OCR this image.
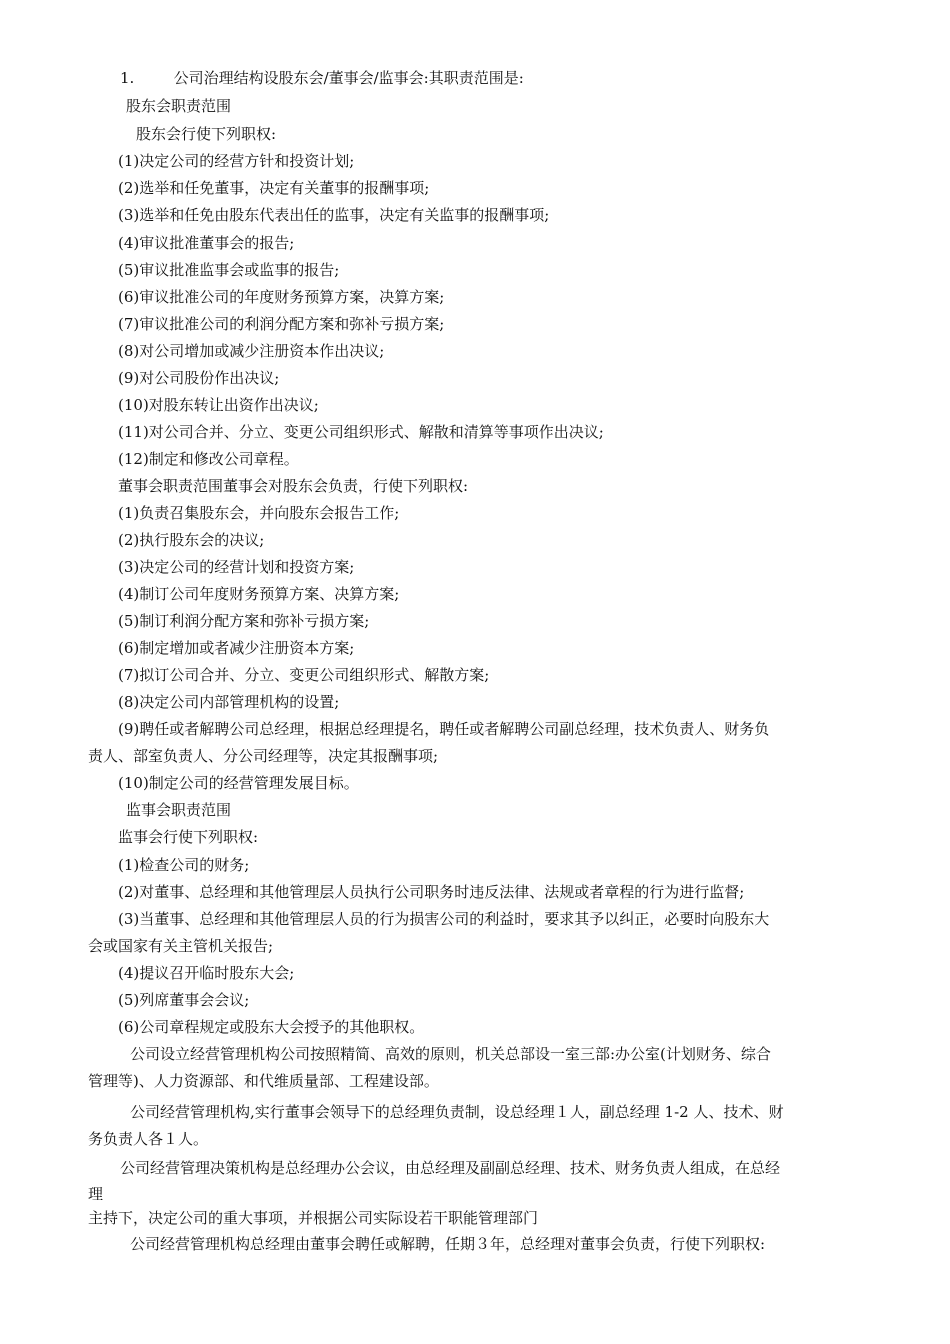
1.	公司治理结构设股东会/董事会/监事会:其职责范围是:
股东会职责范围
股东会行使下列职权:
(1)决定公司的经营方针和投资计划;
(2)选举和任免董事，决定有关董事的报酬事项;
(3)选举和任免由股东代表出任的监事，决定有关监事的报酬事项;
(4)审议批准董事会的报告;
(5)审议批准监事会或监事的报告;
(6)审议批准公司的年度财务预算方案，决算方案;
(7)审议批准公司的利润分配方案和弥补亏损方案;
(8)对公司增加或减少注册资本作出决议;
(9)对公司股份作出决议;
(10)对股东转让出资作出决议;
(11)对公司合并、分立、变更公司组织形式、解散和清算等事项作出决议;
(12)制定和修改公司章程。
董事会职责范围董事会对股东会负责，行使下列职权:
(1)负责召集股东会，并向股东会报告工作;
(2)执行股东会的决议;
(3)决定公司的经营计划和投资方案;
(4)制订公司年度财务预算方案、决算方案;
(5)制订利润分配方案和弥补亏损方案;
(6)制定增加或者减少注册资本方案;
(7)拟订公司合并、分立、变更公司组织形式、解散方案;
(8)决定公司内部管理机构的设置;
(9)聘任或者解聘公司总经理，根据总经理提名，聘任或者解聘公司副总经理，技术负责人、财务负
责人、部室负责人、分公司经理等，决定其报酬事项;
(10)制定公司的经营管理发展目标。
监事会职责范围
监事会行使下列职权:
(1)检查公司的财务;
(2)对董事、总经理和其他管理层人员执行公司职务时违反法律、法规或者章程的行为进行监督;
(3)当董事、总经理和其他管理层人员的行为损害公司的利益时，要求其予以纠正，必要时向股东大
会或国家有关主管机关报告;
(4)提议召开临时股东大会;
(5)列席董事会会议;
(6)公司章程规定或股东大会授予的其他职权。
公司设立经营管理机构公司按照精简、高效的原则，机关总部设一室三部:办公室(计划财务、综合
管理等)、人力资源部、和代维质量部、工程建设部。
公司经营管理机构,实行董事会领导下的总经理负责制，设总经理１人，副总经理 1-2 人、技术、财
务负责人各１人。
公司经营管理决策机构是总经理办公会议，由总经理及副副总经理、技术、财务负责人组成，在总经
理
主持下，决定公司的重大事项，并根据公司实际设若干职能管理部门
公司经营管理机构总经理由董事会聘任或解聘，任期３年，总经理对董事会负责，行使下列职权:
